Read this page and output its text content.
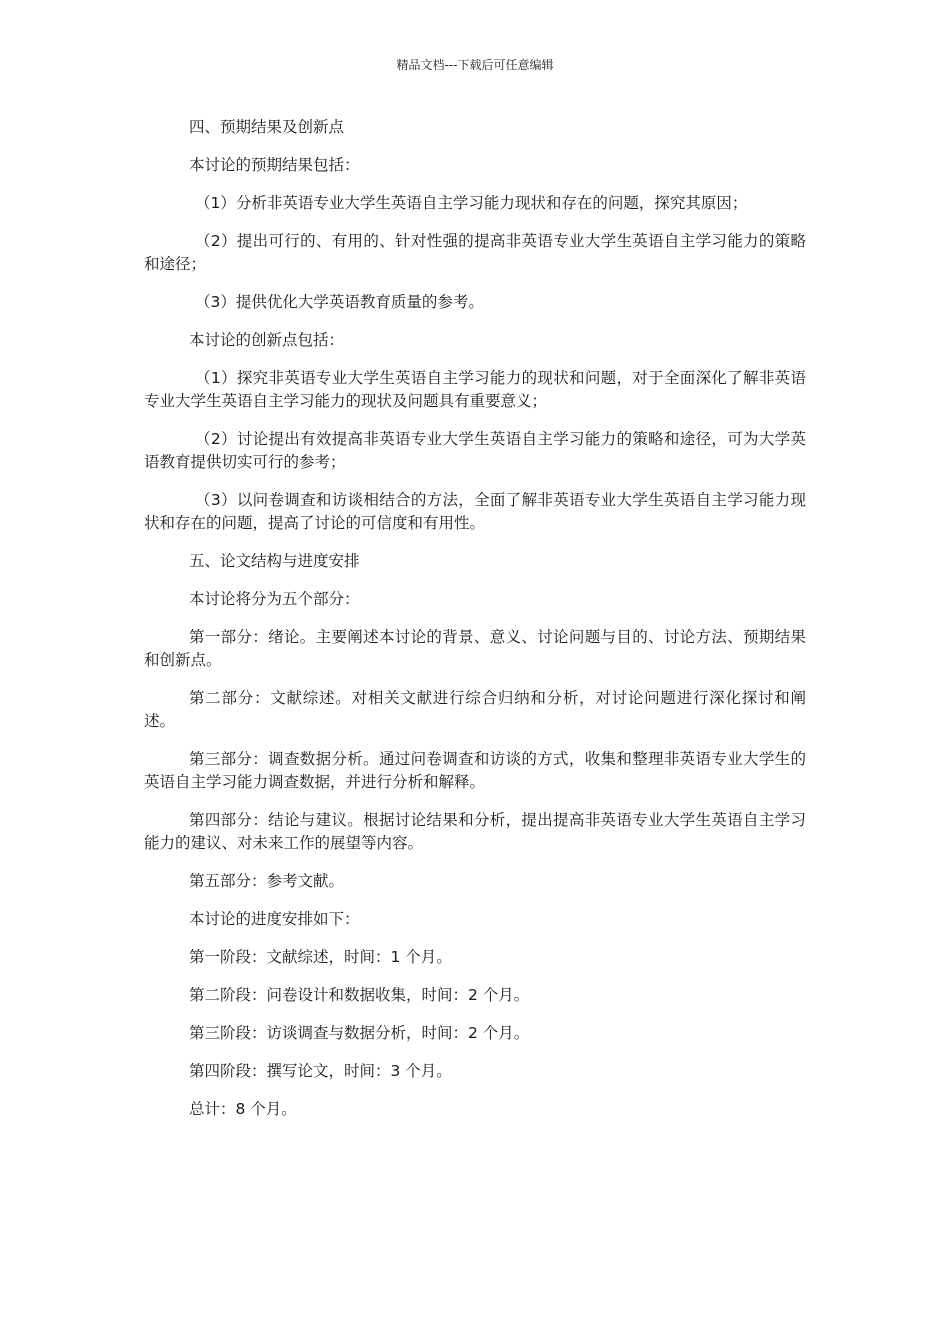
精品文档---下载后可任意编辑

四、预期结果及创新点

本讨论的预期结果包括：

（1）分析非英语专业大学生英语自主学习能力现状和存在的问题，探究其原因；

（2）提出可行的、有用的、针对性强的提高非英语专业大学生英语自主学习能力的策略和途径；

（3）提供优化大学英语教育质量的参考。

本讨论的创新点包括：

（1）探究非英语专业大学生英语自主学习能力的现状和问题，对于全面深化了解非英语专业大学生英语自主学习能力的现状及问题具有重要意义；

（2）讨论提出有效提高非英语专业大学生英语自主学习能力的策略和途径，可为大学英语教育提供切实可行的参考；

（3）以问卷调查和访谈相结合的方法，全面了解非英语专业大学生英语自主学习能力现状和存在的问题，提高了讨论的可信度和有用性。

五、论文结构与进度安排

本讨论将分为五个部分：

第一部分：绪论。主要阐述本讨论的背景、意义、讨论问题与目的、讨论方法、预期结果和创新点。

第二部分：文献综述。对相关文献进行综合归纳和分析，对讨论问题进行深化探讨和阐述。

第三部分：调查数据分析。通过问卷调查和访谈的方式，收集和整理非英语专业大学生的英语自主学习能力调查数据，并进行分析和解释。

第四部分：结论与建议。根据讨论结果和分析，提出提高非英语专业大学生英语自主学习能力的建议、对未来工作的展望等内容。

第五部分：参考文献。

本讨论的进度安排如下：

第一阶段：文献综述，时间：1 个月。

第二阶段：问卷设计和数据收集，时间：2 个月。

第三阶段：访谈调查与数据分析，时间：2 个月。

第四阶段：撰写论文，时间：3 个月。

总计：8 个月。
